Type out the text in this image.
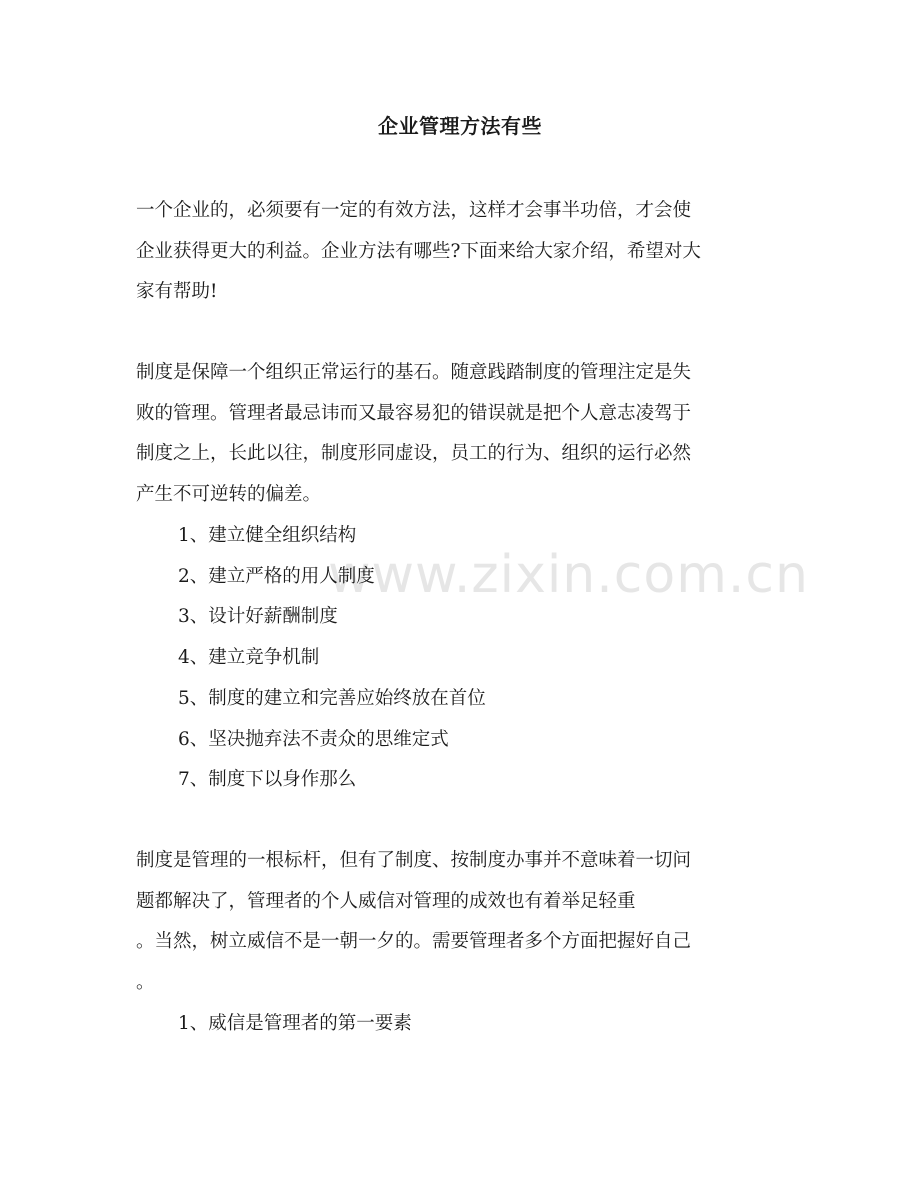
www.zixin.com.cn
企业管理方法有些

一个企业的，必须要有一定的有效方法，这样才会事半功倍，才会使
企业获得更大的利益。企业方法有哪些?下面来给大家介绍，希望对大
家有帮助!

制度是保障一个组织正常运行的基石。随意践踏制度的管理注定是失
败的管理。管理者最忌讳而又最容易犯的错误就是把个人意志凌驾于
制度之上，长此以往，制度形同虚设，员工的行为、组织的运行必然
产生不可逆转的偏差。

1、建立健全组织结构
2、建立严格的用人制度
3、设计好薪酬制度
4、建立竞争机制
5、制度的建立和完善应始终放在首位
6、坚决抛弃法不责众的思维定式
7、制度下以身作那么

制度是管理的一根标杆，但有了制度、按制度办事并不意味着一切问
题都解决了，管理者的个人威信对管理的成效也有着举足轻重
。当然，树立威信不是一朝一夕的。需要管理者多个方面把握好自己
。

1、威信是管理者的第一要素
